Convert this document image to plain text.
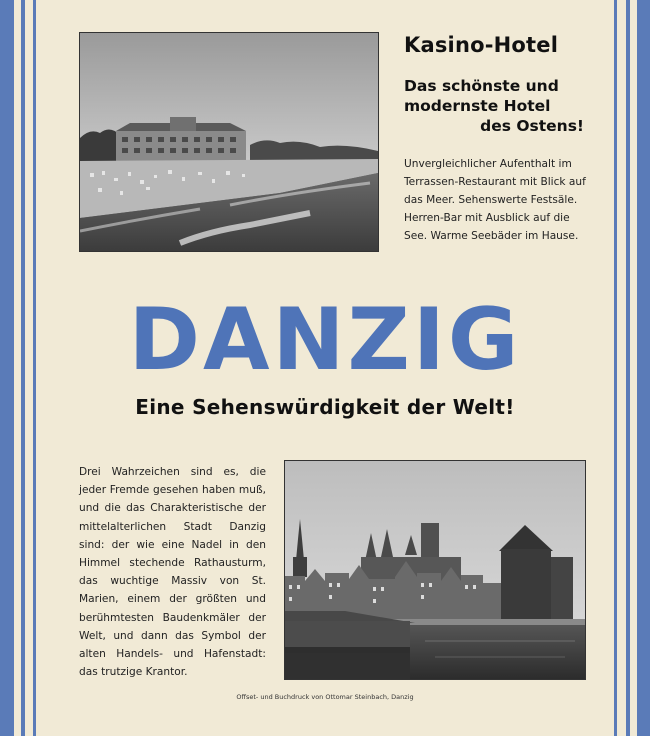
Kasino-Hotel
Das schönste und
modernste Hotel
des Ostens!
Unvergleichlicher Aufenthalt im
Terrassen-Restaurant mit Blick auf
das Meer. Sehenswerte Festsäle.
Herren-Bar mit Ausblick auf die
See. Warme Seebäder im Hause.
DANZIG
Eine Sehenswürdigkeit der Welt!
Drei Wahrzeichen sind es, die
jeder Fremde gesehen haben muß,
und die das Charakteristische der
mittelalterlichen Stadt Danzig
sind: der wie eine Nadel in den
Himmel stechende Rathausturm,
das wuchtige Massiv von St.
Marien, einem der größten und
berühmtesten Baudenkmäler der
Welt, und dann das Symbol der
alten Handels- und Hafenstadt:
das trutzige Krantor.
Offset- und Buchdruck von Ottomar Steinbach, Danzig
